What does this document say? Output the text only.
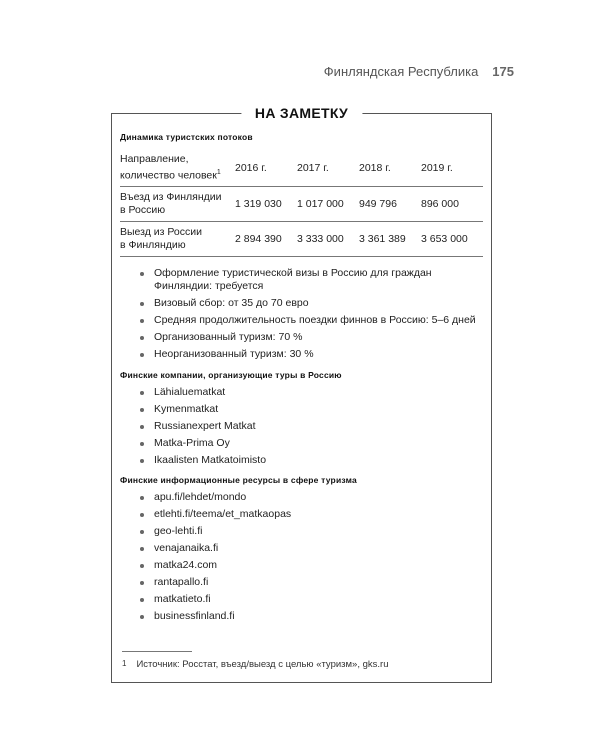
Финляндская Республика 175
НА ЗАМЕТКУ
Динамика туристских потоков
Направление,
количество человек$^1$	2016 г.	2017 г.	2018 г.	2019 г.
Въезд из Финляндии
в Россию	1 319 030	1 017 000	949 796	896 000
Выезд из России
в Финляндию	2 894 390	3 333 000	3 361 389	3 653 000
Оформление туристической визы в Россию для граждан Финляндии: требуется
Визовый сбор: от 35 до 70 евро
Средняя продолжительность поездки финнов в Россию: 5–6 дней
Организованный туризм: 70 %
Неорганизованный туризм: 30 %
Финские компании, организующие туры в Россию
Lähialuematkat
Kymenmatkat
Russianexpert Matkat
Matka-Prima Oy
Ikaalisten Matkatoimisto
Финские информационные ресурсы в сфере туризма
apu.fi/lehdet/mondo
etlehti.fi/teema/et_matkaopas
geo-lehti.fi
venajanaika.fi
matka24.com
rantapallo.fi
matkatieto.fi
businessfinland.fi
1 Источник: Росстат, въезд/выезд с целью «туризм», gks.ru
